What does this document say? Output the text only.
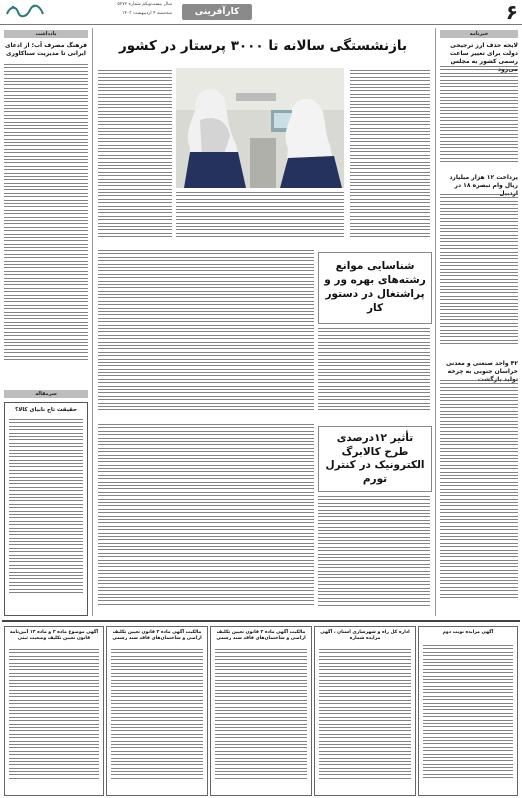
۶
کارآفرینی
سال بیست‌ویکم شماره ۵۲۷۲
سه‌شنبه ۴ اردیبهشت ۱۴۰۳
بازنشستگی سالانه تا ۳۰۰۰ پرستار در کشور
شناسایی موانع رشته‌های بهره ور و پراشتغال در دستور کار
تأثیر ۱۲درصدی طرح کالابرگ الکترونیک در کنترل تورم
خبرنامه
لایحه حذف ارز ترجیحی دولت برای تغییر ساعت رسمی کشور به مجلس
پرداخت ۱۲ هزار میلیارد ریال وام تبصره ۱۸ در
۴۲ واحد صنعتی و معدنی خراسان جنوبی به چرخه
یادداشت
فرهنگ مصرف آب؛ از ادعای ایرانی تا مدیریت سناکاوری
سرمقاله
حقیقت تاج نابیای کالا؟
آگهی مزایده نوبت دوم
اداره کل راه و شهرسازی استان ، آگهی مزایده شماره
مالکیت آگهی ماده ۳ قانون تعیین تکلیف اراضی و ساختمان‌های فاقد سند رسمی
مالکیت آگهی ماده ۳ قانون تعیین تکلیف اراضی و ساختمان‌های فاقد سند رسمی
آگهی موضوع ماده ۳ و ماده ۱۳ آیین‌نامه قانون تعیین تکلیف وضعیت ثبتی
